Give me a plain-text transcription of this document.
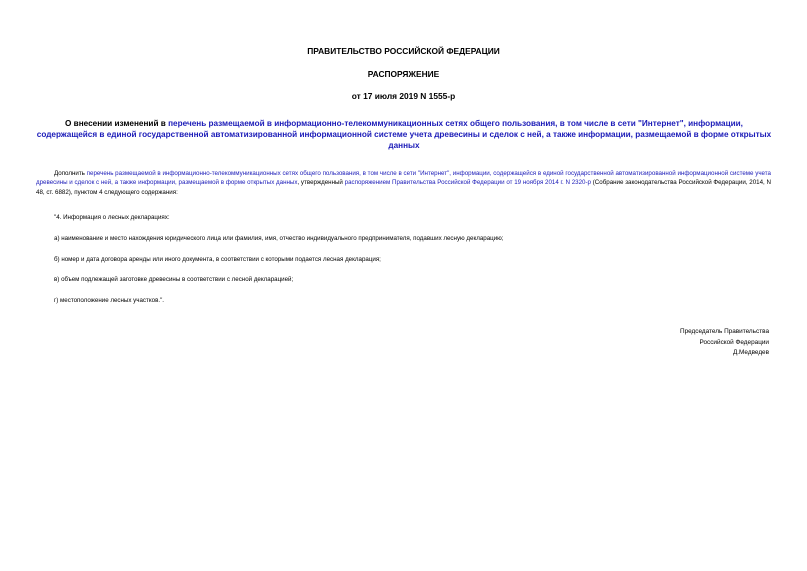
ПРАВИТЕЛЬСТВО РОССИЙСКОЙ ФЕДЕРАЦИИ
РАСПОРЯЖЕНИЕ
от 17 июля 2019 N 1555-р
О внесении изменений в перечень размещаемой в информационно-телекоммуникационных сетях общего пользования, в том числе в сети "Интернет", информации, содержащейся в единой государственной автоматизированной информационной системе учета древесины и сделок с ней, а также информации, размещаемой в форме открытых данных
Дополнить перечень размещаемой в информационно-телекоммуникационных сетях общего пользования, в том числе в сети "Интернет", информации, содержащейся в единой государственной автоматизированной информационной системе учета древесины и сделок с ней, а также информации, размещаемой в форме открытых данных, утвержденный распоряжением Правительства Российской Федерации от 19 ноября 2014 г. N 2320-р (Собрание законодательства Российской Федерации, 2014, N 48, ст. 6882), пунктом 4 следующего содержания:
"4. Информация о лесных декларациях:
а) наименование и место нахождения юридического лица или фамилия, имя, отчество индивидуального предпринимателя, подавших лесную декларацию;
б) номер и дата договора аренды или иного документа, в соответствии с которыми подается лесная декларация;
в) объем подлежащей заготовке древесины в соответствии с лесной декларацией;
г) местоположение лесных участков.".
Председатель Правительства
Российской Федерации
Д.Медведев
